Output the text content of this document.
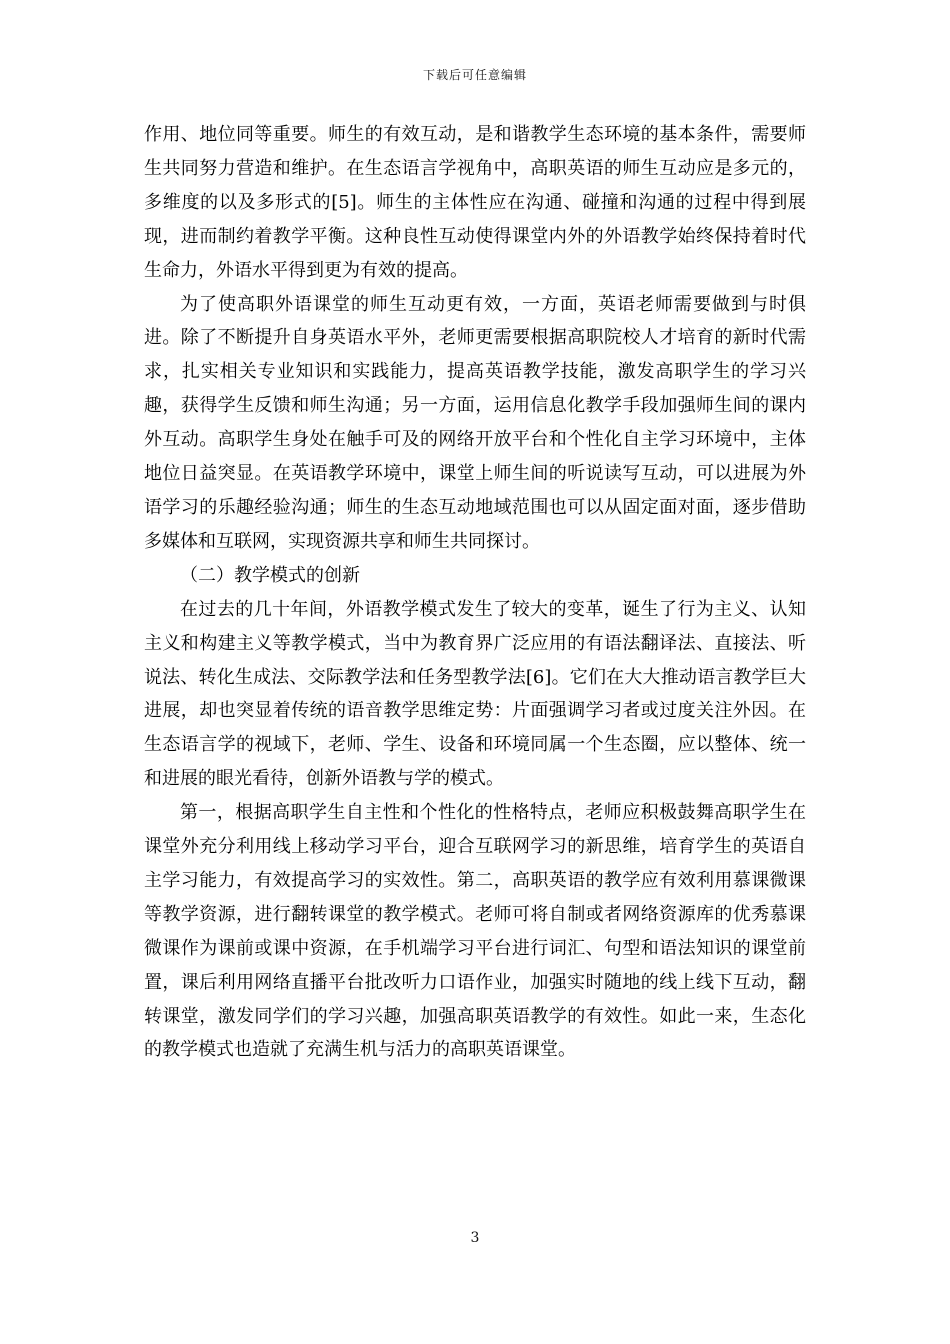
下载后可任意编辑

作用、地位同等重要。师生的有效互动，是和谐教学生态环境的基本条件，需要师生共同努力营造和维护。在生态语言学视角中，高职英语的师生互动应是多元的，多维度的以及多形式的[5]。师生的主体性应在沟通、碰撞和沟通的过程中得到展现，进而制约着教学平衡。这种良性互动使得课堂内外的外语教学始终保持着时代生命力，外语水平得到更为有效的提高。

为了使高职外语课堂的师生互动更有效，一方面，英语老师需要做到与时俱进。除了不断提升自身英语水平外，老师更需要根据高职院校人才培育的新时代需求，扎实相关专业知识和实践能力，提高英语教学技能，激发高职学生的学习兴趣，获得学生反馈和师生沟通；另一方面，运用信息化教学手段加强师生间的课内外互动。高职学生身处在触手可及的网络开放平台和个性化自主学习环境中，主体地位日益突显。在英语教学环境中，课堂上师生间的听说读写互动，可以进展为外语学习的乐趣经验沟通；师生的生态互动地域范围也可以从固定面对面，逐步借助多媒体和互联网，实现资源共享和师生共同探讨。

（二）教学模式的创新

在过去的几十年间，外语教学模式发生了较大的变革，诞生了行为主义、认知主义和构建主义等教学模式，当中为教育界广泛应用的有语法翻译法、直接法、听说法、转化生成法、交际教学法和任务型教学法[6]。它们在大大推动语言教学巨大进展，却也突显着传统的语音教学思维定势：片面强调学习者或过度关注外因。在生态语言学的视域下，老师、学生、设备和环境同属一个生态圈，应以整体、统一和进展的眼光看待，创新外语教与学的模式。

第一，根据高职学生自主性和个性化的性格特点，老师应积极鼓舞高职学生在课堂外充分利用线上移动学习平台，迎合互联网学习的新思维，培育学生的英语自主学习能力，有效提高学习的实效性。第二，高职英语的教学应有效利用慕课微课等教学资源，进行翻转课堂的教学模式。老师可将自制或者网络资源库的优秀慕课微课作为课前或课中资源，在手机端学习平台进行词汇、句型和语法知识的课堂前置，课后利用网络直播平台批改听力口语作业，加强实时随地的线上线下互动，翻转课堂，激发同学们的学习兴趣，加强高职英语教学的有效性。如此一来，生态化的教学模式也造就了充满生机与活力的高职英语课堂。

3
